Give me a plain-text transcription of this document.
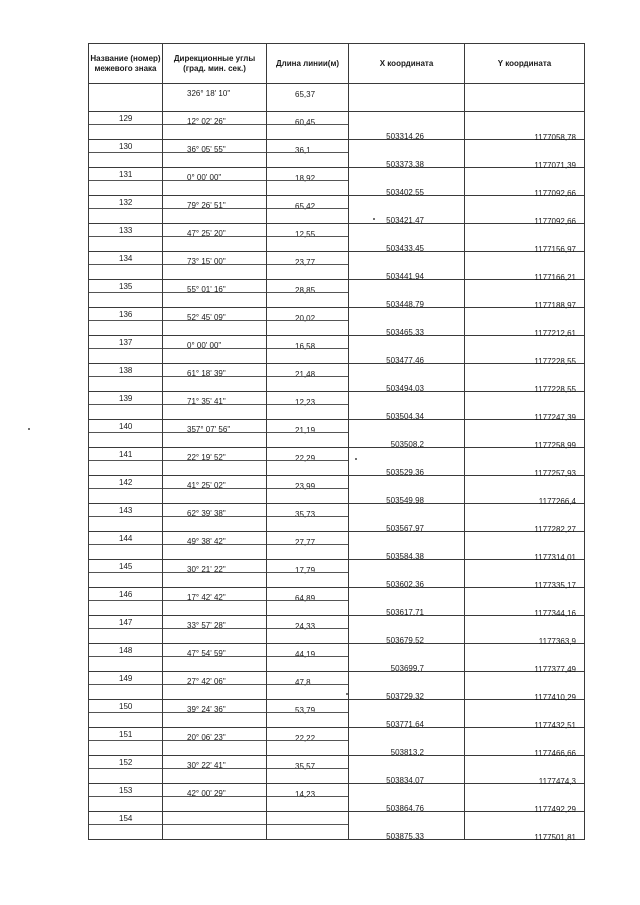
Название (номер) межевого знака	Дирекционные углы (град. мин. сек.)	Длина линии(м)	X координата	Y координата

	326° 18' 10"	65,37		

129	12° 02' 26"	60,45	503314,26	1177058,78

130	36° 05' 55"	36,1	503373,38	1177071,39

131	0° 00' 00"	18,92	503402,55	1177092,66

132	79° 26' 51"	65,42	503421,47	1177092,66

133	47° 25' 20"	12,55	503433,45	1177156,97

134	73° 15' 00"	23,77	503441,94	1177166,21

135	55° 01' 16"	28,85	503448,79	1177188,97

136	52° 45' 09"	20,02	503465,33	1177212,61

137	0° 00' 00"	16,58	503477,46	1177228,55

138	61° 18' 39"	21,48	503494,03	1177228,55

139	71° 35' 41"	12,23	503504,34	1177247,39

140	357° 07' 56"	21,19	503508,2	1177258,99

141	22° 19' 52"	22,29	503529,36	1177257,93

142	41° 25' 02"	23,99	503549,98	1177266,4

143	62° 39' 38"	35,73	503567,97	1177282,27

144	49° 38' 42"	27,77	503584,38	1177314,01

145	30° 21' 22"	17,79	503602,36	1177335,17

146	17° 42' 42"	64,89	503617,71	1177344,16

147	33° 57' 28"	24,33	503679,52	1177363,9

148	47° 54' 59"	44,19	503699,7	1177377,49

149	27° 42' 06"	47,8	503729,32	1177410,29

150	39° 24' 36"	53,79	503771,64	1177432,51

151	20° 06' 23"	22,22	503813,2	1177466,66

152	30° 22' 41"	35,57	503834,07	1177474,3

153	42° 00' 29"	14,23	503864,76	1177492,29

154			503875,33	1177501,81
